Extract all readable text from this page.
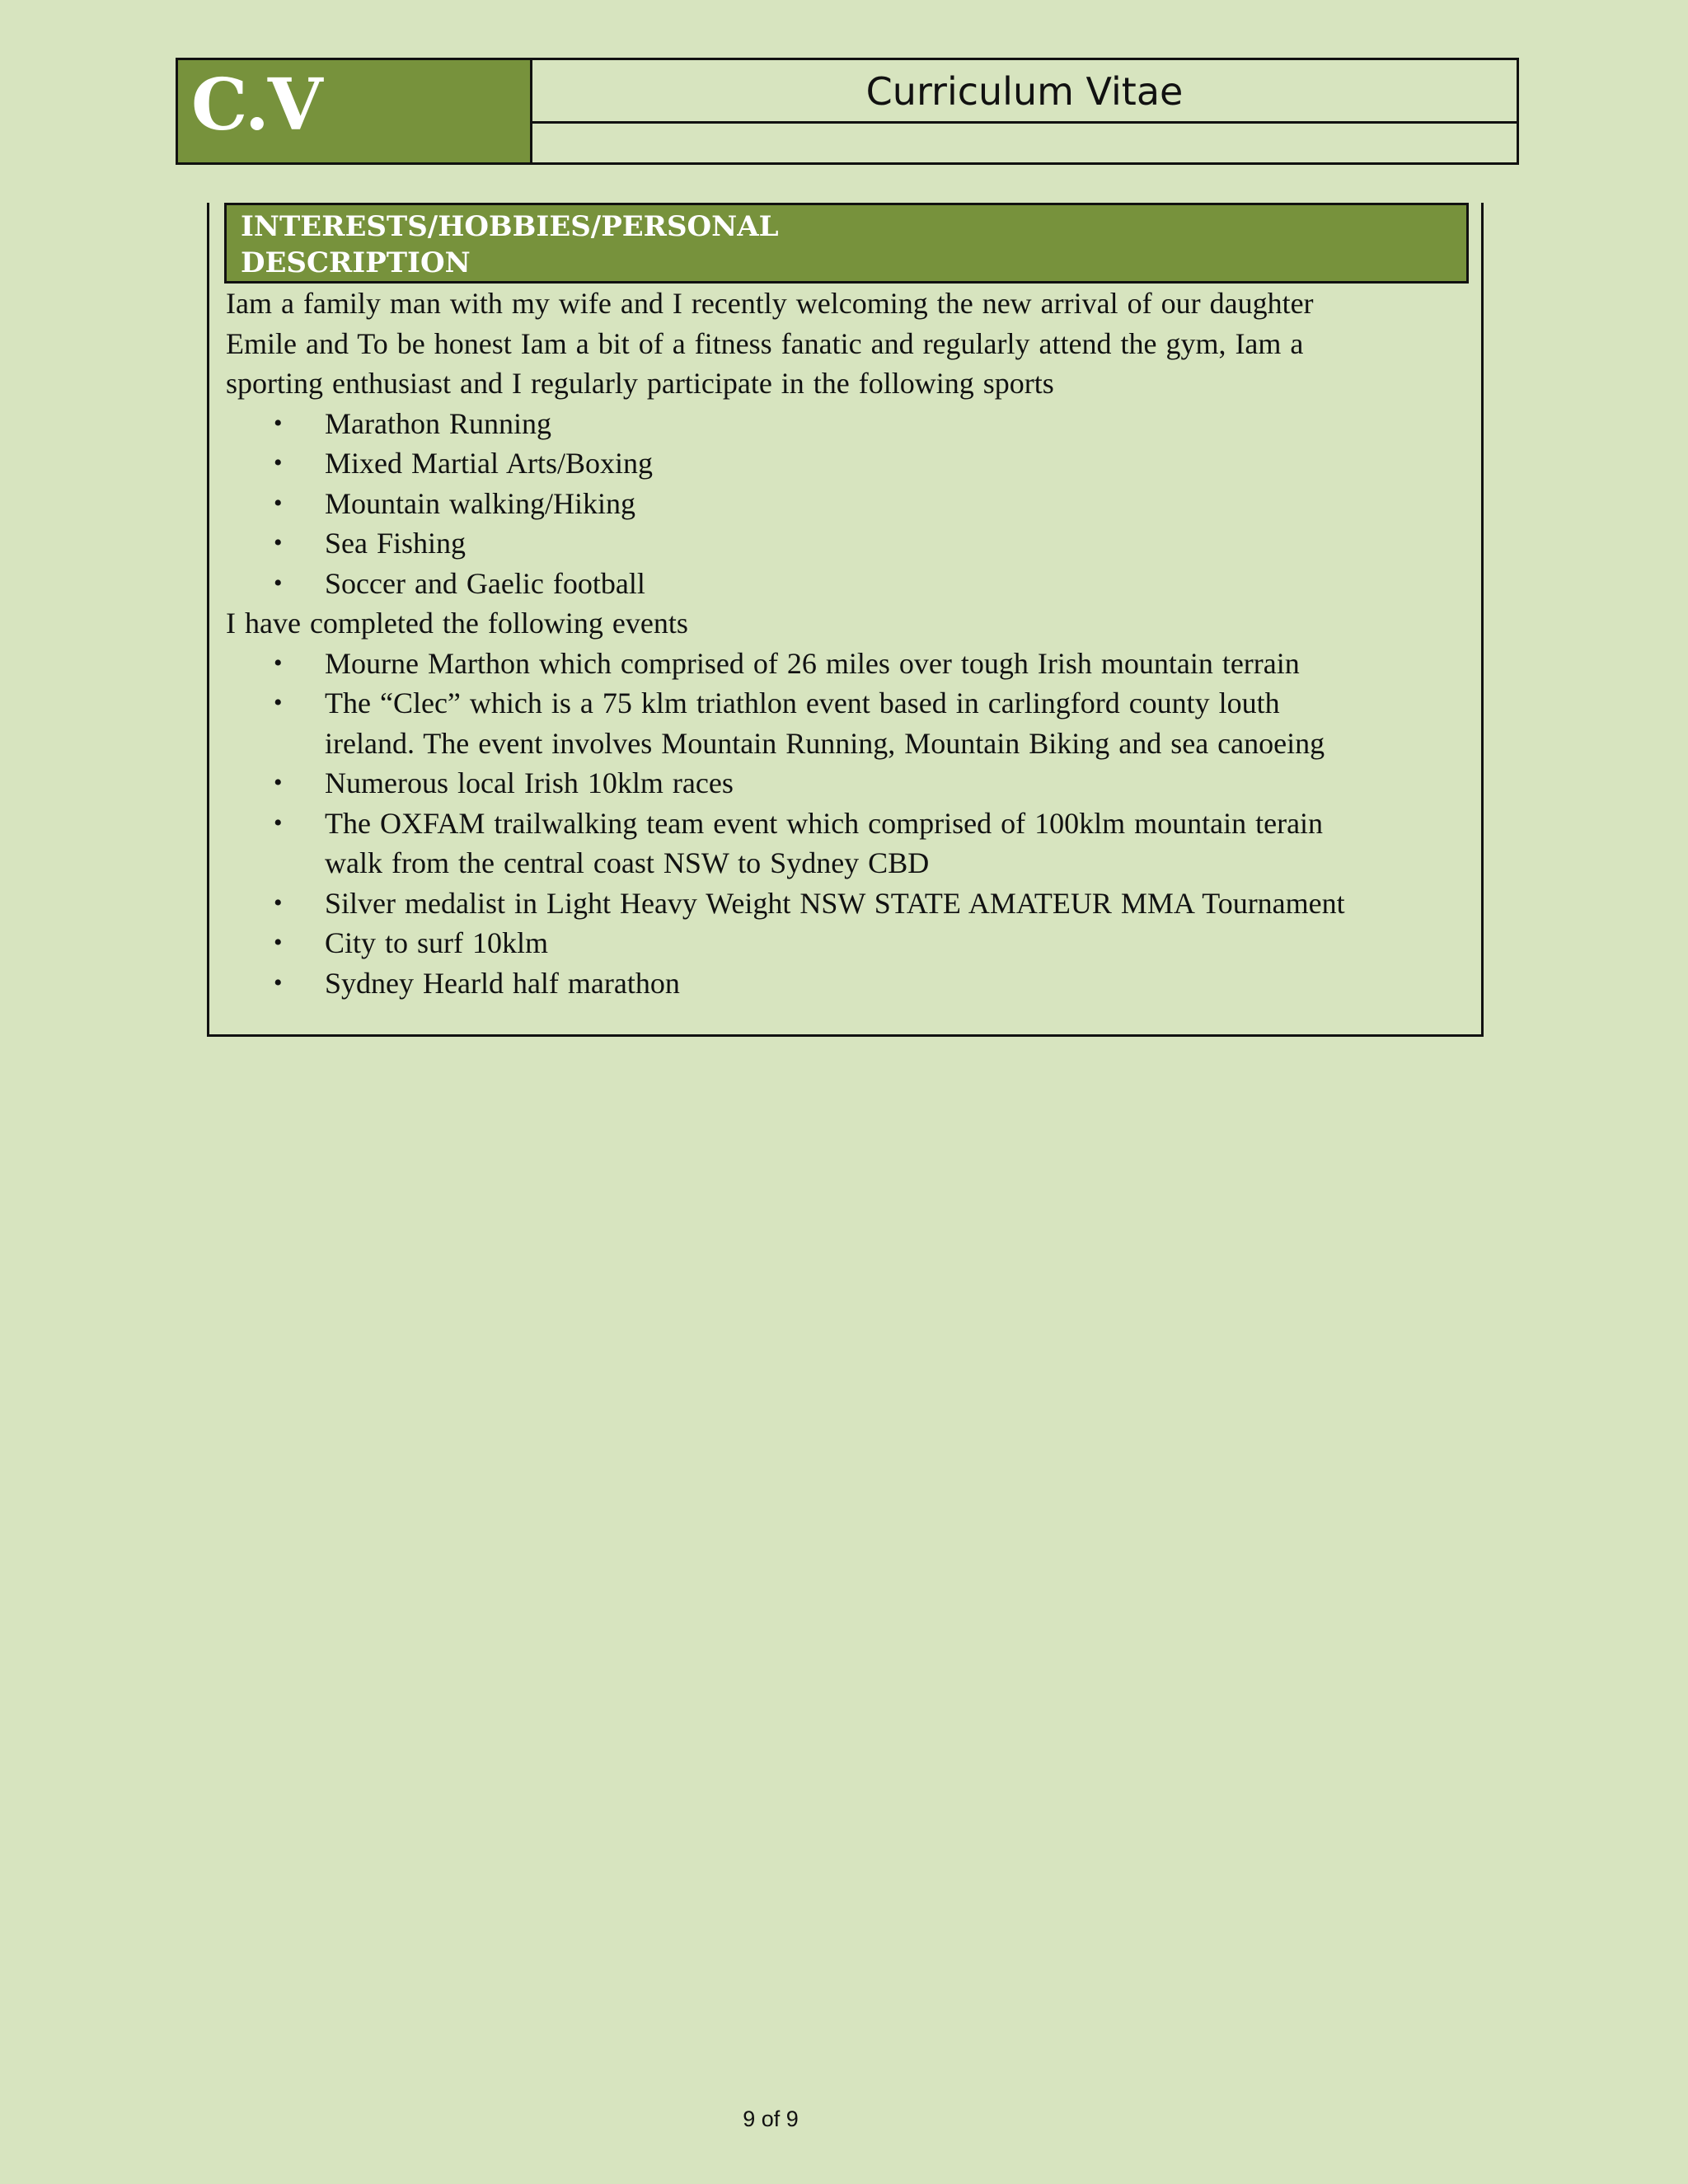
C.V	Curriculum Vitae
INTERESTS/HOBBIES/PERSONAL
DESCRIPTION

Iam a family man with my wife and I recently welcoming the new arrival of our daughter

Emile and To be honest Iam a bit of a fitness fanatic and regularly attend the gym, Iam a

sporting enthusiast and I regularly participate in the following sports

• Marathon Running
• Mixed Martial Arts/Boxing
• Mountain walking/Hiking
• Sea Fishing
• Soccer and Gaelic football

I have completed the following events

• Mourne Marthon which comprised of 26 miles over tough Irish mountain terrain
• The “Clec” which is a 75 klm triathlon event based in carlingford county louth
ireland. The event involves Mountain Running, Mountain Biking and sea canoeing
• Numerous local Irish 10klm races
• The OXFAM trailwalking team event which comprised of 100klm mountain terain
walk from the central coast NSW to Sydney CBD
• Silver medalist in Light Heavy Weight NSW STATE AMATEUR MMA Tournament
• City to surf 10klm
• Sydney Hearld half marathon
9 of 9
